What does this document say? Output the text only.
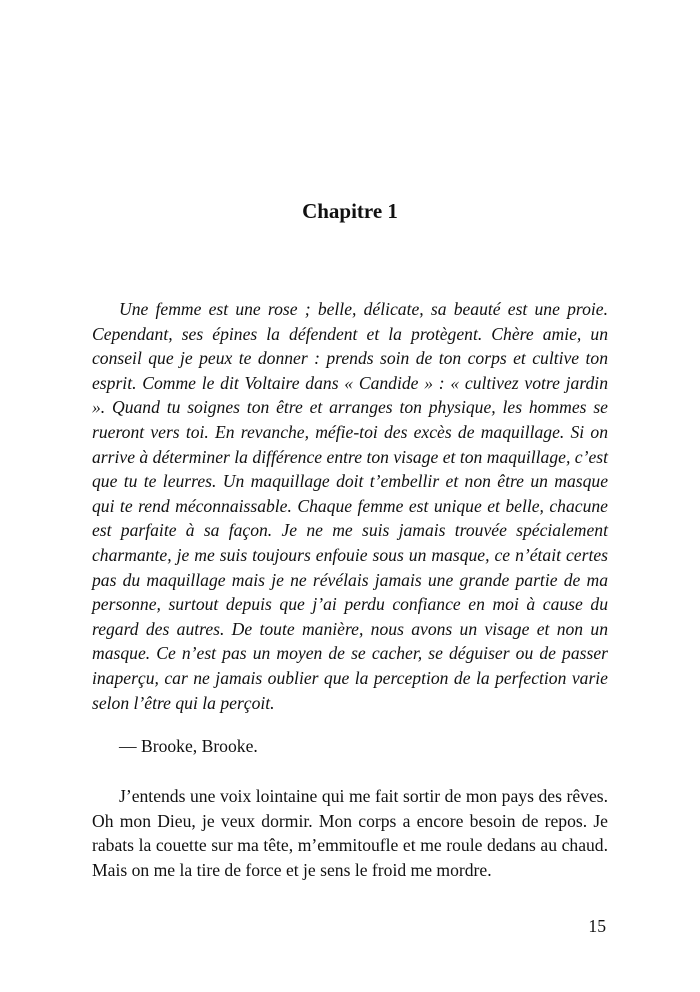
Chapitre 1

Une femme est une rose ; belle, délicate, sa beauté est une proie. Cependant, ses épines la défendent et la protègent. Chère amie, un conseil que je peux te donner : prends soin de ton corps et cultive ton esprit. Comme le dit Voltaire dans « Candide » : « cultivez votre jardin ». Quand tu soignes ton être et arranges ton physique, les hommes se rueront vers toi. En revanche, méfie-toi des excès de maquillage. Si on arrive à déterminer la différence entre ton visage et ton maquillage, c’est que tu te leurres. Un maquillage doit t’embellir et non être un masque qui te rend méconnaissable. Chaque femme est unique et belle, chacune est parfaite à sa façon. Je ne me suis jamais trouvée spécialement charmante, je me suis toujours enfouie sous un masque, ce n’était certes pas du maquillage mais je ne révélais jamais une grande partie de ma personne, surtout depuis que j’ai perdu confiance en moi à cause du regard des autres. De toute manière, nous avons un visage et non un masque. Ce n’est pas un moyen de se cacher, se déguiser ou de passer inaperçu, car ne jamais oublier que la perception de la perfection varie selon l’être qui la perçoit.

— Brooke, Brooke.

J’entends une voix lointaine qui me fait sortir de mon pays des rêves. Oh mon Dieu, je veux dormir. Mon corps a encore besoin de repos. Je rabats la couette sur ma tête, m’emmitoufle et me roule dedans au chaud. Mais on me la tire de force et je sens le froid me mordre.

15
